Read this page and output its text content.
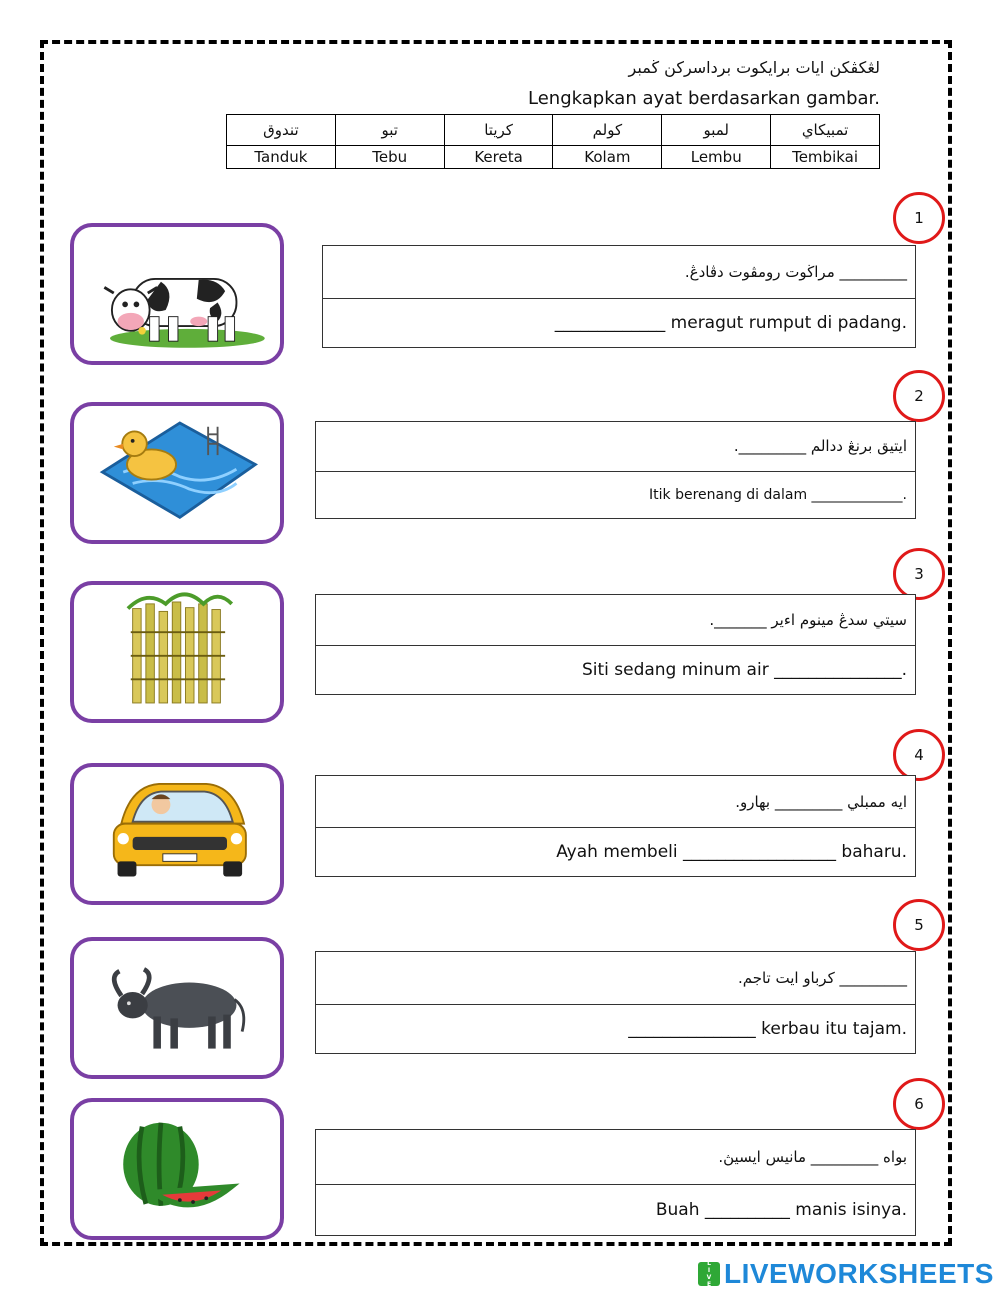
لڠكڤكن ايات برايكوت برداسرکن ڬمبر
Lengkapkan ayat berdasarkan gambar.
تندوق	تبو	کريتا	کولم	لمبو	تمبيکاي
Tanduk	Tebu	Kereta	Kolam	Lembu	Tembikai
1
_________ مراڬوت رومڤوت دڤادڠ.
_____________ meragut rumput di padang.
2
ايتيق برنڠ ددالم _________.
Itik berenang di dalam _____________.
3
سيتي سدڠ مينوم اءير _______.
Siti sedang minum air _______________.
4
ايه ممبلي _________ بهارو.
Ayah membeli __________________ baharu.
5
_________ کرباو ايت تاجم.
_______________ kerbau itu tajam.
6
بواه _________ مانيس ايسيڽ.
Buah __________ manis isinya.
L
I
V
E LIVEWORKSHEETS
